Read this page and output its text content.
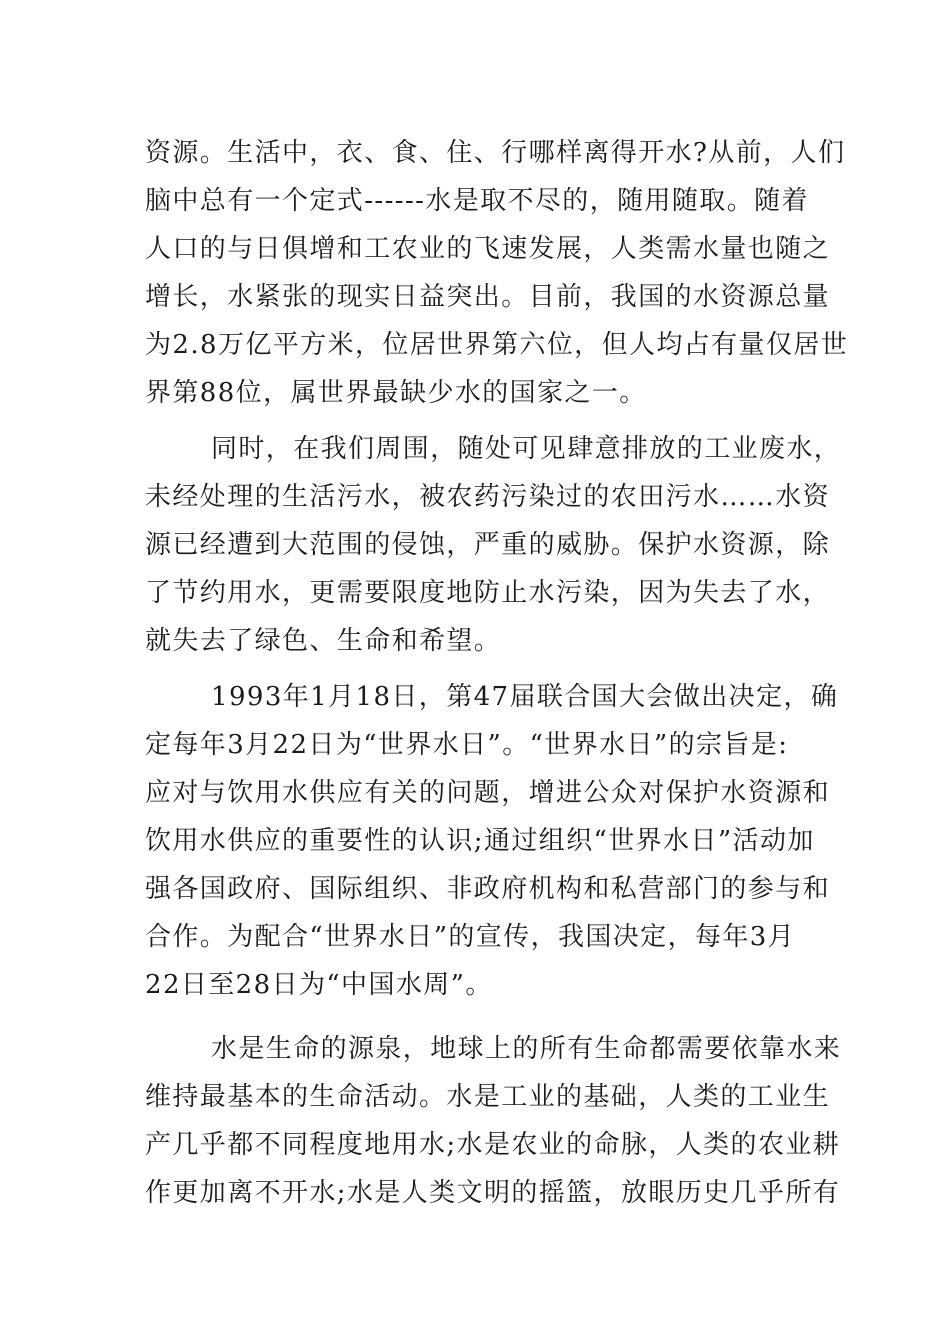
资源。生活中，衣、食、住、行哪样离得开水?从前，人们
脑中总有一个定式------水是取不尽的，随用随取。随着
人口的与日俱增和工农业的飞速发展，人类需水量也随之
增长，水紧张的现实日益突出。目前，我国的水资源总量
为2.8万亿平方米，位居世界第六位，但人均占有量仅居世
界第88位，属世界最缺少水的国家之一。
同时，在我们周围，随处可见肆意排放的工业废水，
未经处理的生活污水，被农药污染过的农田污水……水资
源已经遭到大范围的侵蚀，严重的威胁。保护水资源，除
了节约用水，更需要限度地防止水污染，因为失去了水，
就失去了绿色、生命和希望。
1993年1月18日，第47届联合国大会做出决定，确
定每年3月22日为“世界水日”。“世界水日”的宗旨是:
应对与饮用水供应有关的问题，增进公众对保护水资源和
饮用水供应的重要性的认识;通过组织“世界水日”活动加
强各国政府、国际组织、非政府机构和私营部门的参与和
合作。为配合“世界水日”的宣传，我国决定，每年3月
22日至28日为“中国水周”。
水是生命的源泉，地球上的所有生命都需要依靠水来
维持最基本的生命活动。水是工业的基础，人类的工业生
产几乎都不同程度地用水;水是农业的命脉，人类的农业耕
作更加离不开水;水是人类文明的摇篮，放眼历史几乎所有
